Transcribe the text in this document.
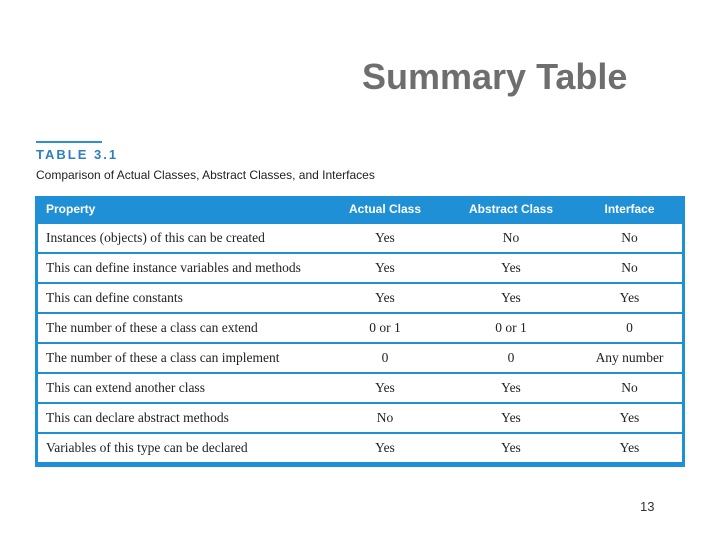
Summary Table
TABLE 3.1
Comparison of Actual Classes, Abstract Classes, and Interfaces
Property	Actual Class	Abstract Class	Interface
Instances (objects) of this can be created	Yes	No	No
This can define instance variables and methods	Yes	Yes	No
This can define constants	Yes	Yes	Yes
The number of these a class can extend	0 or 1	0 or 1	0
The number of these a class can implement	0	0	Any number
This can extend another class	Yes	Yes	No
This can declare abstract methods	No	Yes	Yes
Variables of this type can be declared	Yes	Yes	Yes
13
